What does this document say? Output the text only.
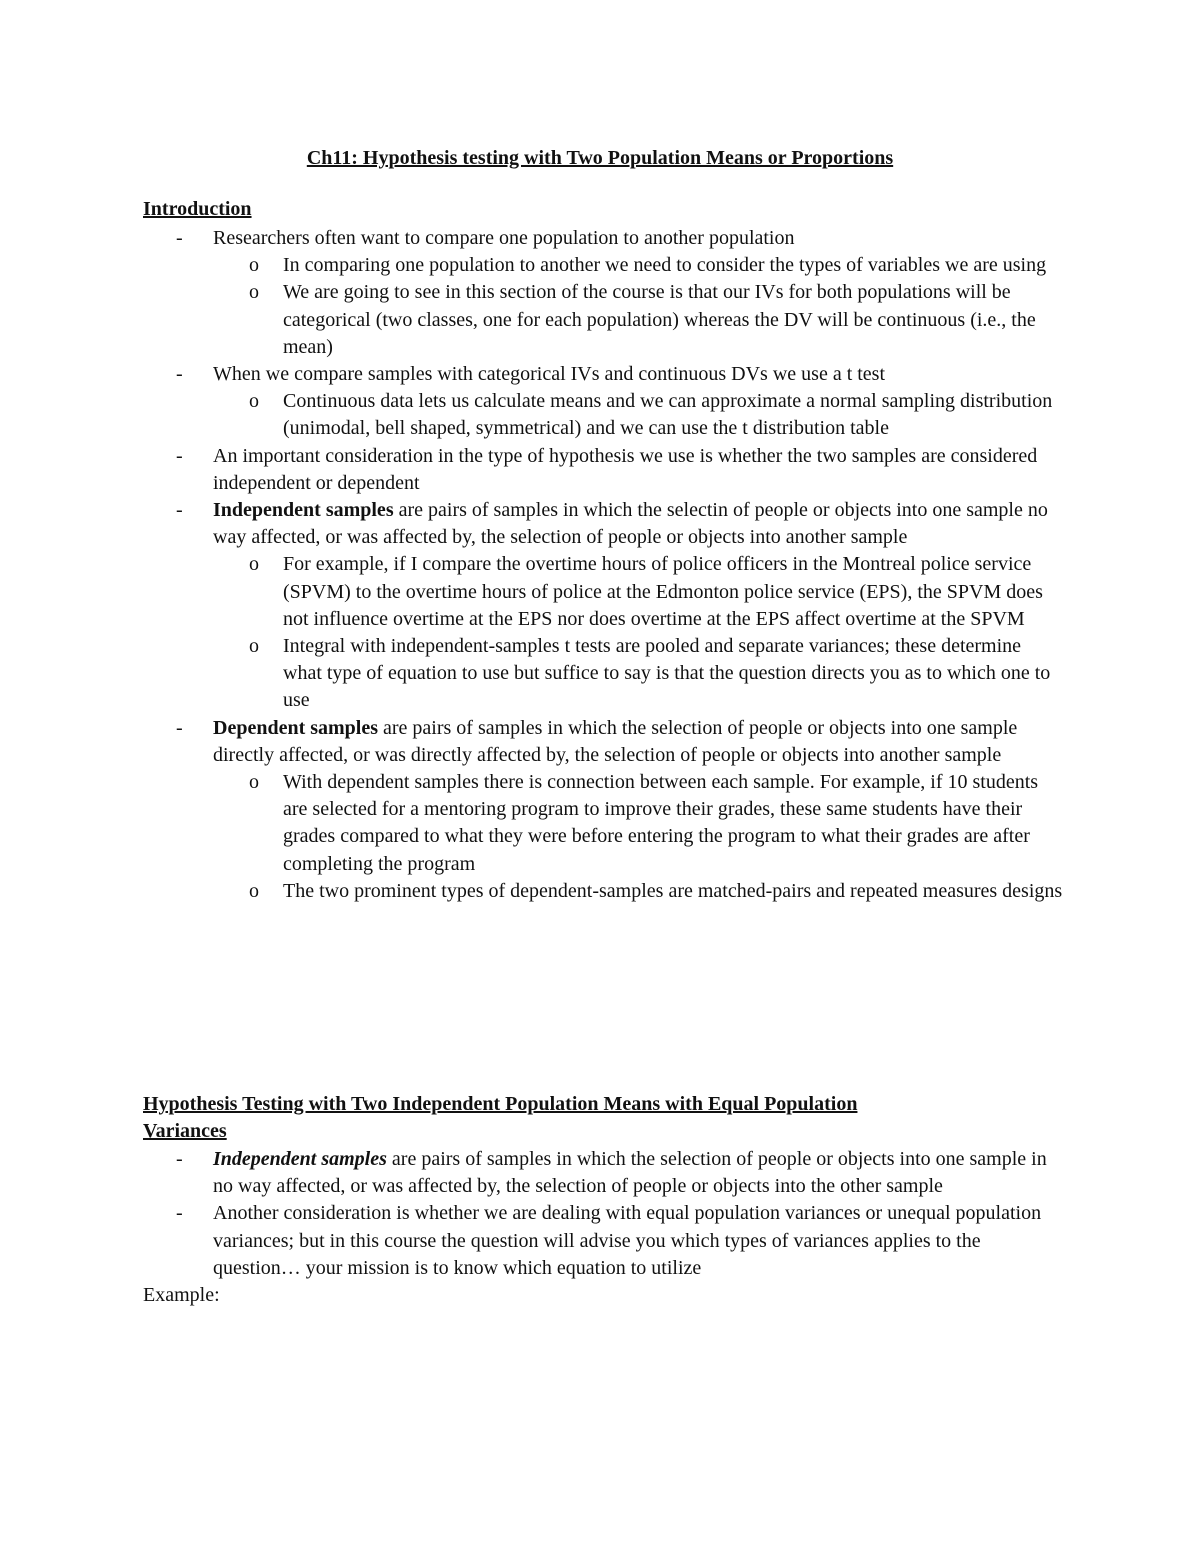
Ch11: Hypothesis testing with Two Population Means or Proportions
Introduction
- Researchers often want to compare one population to another population
o In comparing one population to another we need to consider the types of variables we are using
o We are going to see in this section of the course is that our IVs for both populations will be categorical (two classes, one for each population) whereas the DV will be continuous (i.e., the mean)
- When we compare samples with categorical IVs and continuous DVs we use a t test
o Continuous data lets us calculate means and we can approximate a normal sampling distribution (unimodal, bell shaped, symmetrical) and we can use the t distribution table
- An important consideration in the type of hypothesis we use is whether the two samples are considered independent or dependent
- Independent samples are pairs of samples in which the selectin of people or objects into one sample no way affected, or was affected by, the selection of people or objects into another sample
o For example, if I compare the overtime hours of police officers in the Montreal police service (SPVM) to the overtime hours of police at the Edmonton police service (EPS), the SPVM does not influence overtime at the EPS nor does overtime at the EPS affect overtime at the SPVM
o Integral with independent-samples t tests are pooled and separate variances; these determine what type of equation to use but suffice to say is that the question directs you as to which one to use
- Dependent samples are pairs of samples in which the selection of people or objects into one sample directly affected, or was directly affected by, the selection of people or objects into another sample
o With dependent samples there is connection between each sample. For example, if 10 students are selected for a mentoring program to improve their grades, these same students have their grades compared to what they were before entering the program to what their grades are after completing the program
o The two prominent types of dependent-samples are matched-pairs and repeated measures designs
Hypothesis Testing with Two Independent Population Means with Equal Population
Variances
- Independent samples are pairs of samples in which the selection of people or objects into one sample in no way affected, or was affected by, the selection of people or objects into the other sample
- Another consideration is whether we are dealing with equal population variances or unequal population variances; but in this course the question will advise you which types of variances applies to the question… your mission is to know which equation to utilize
Example:
